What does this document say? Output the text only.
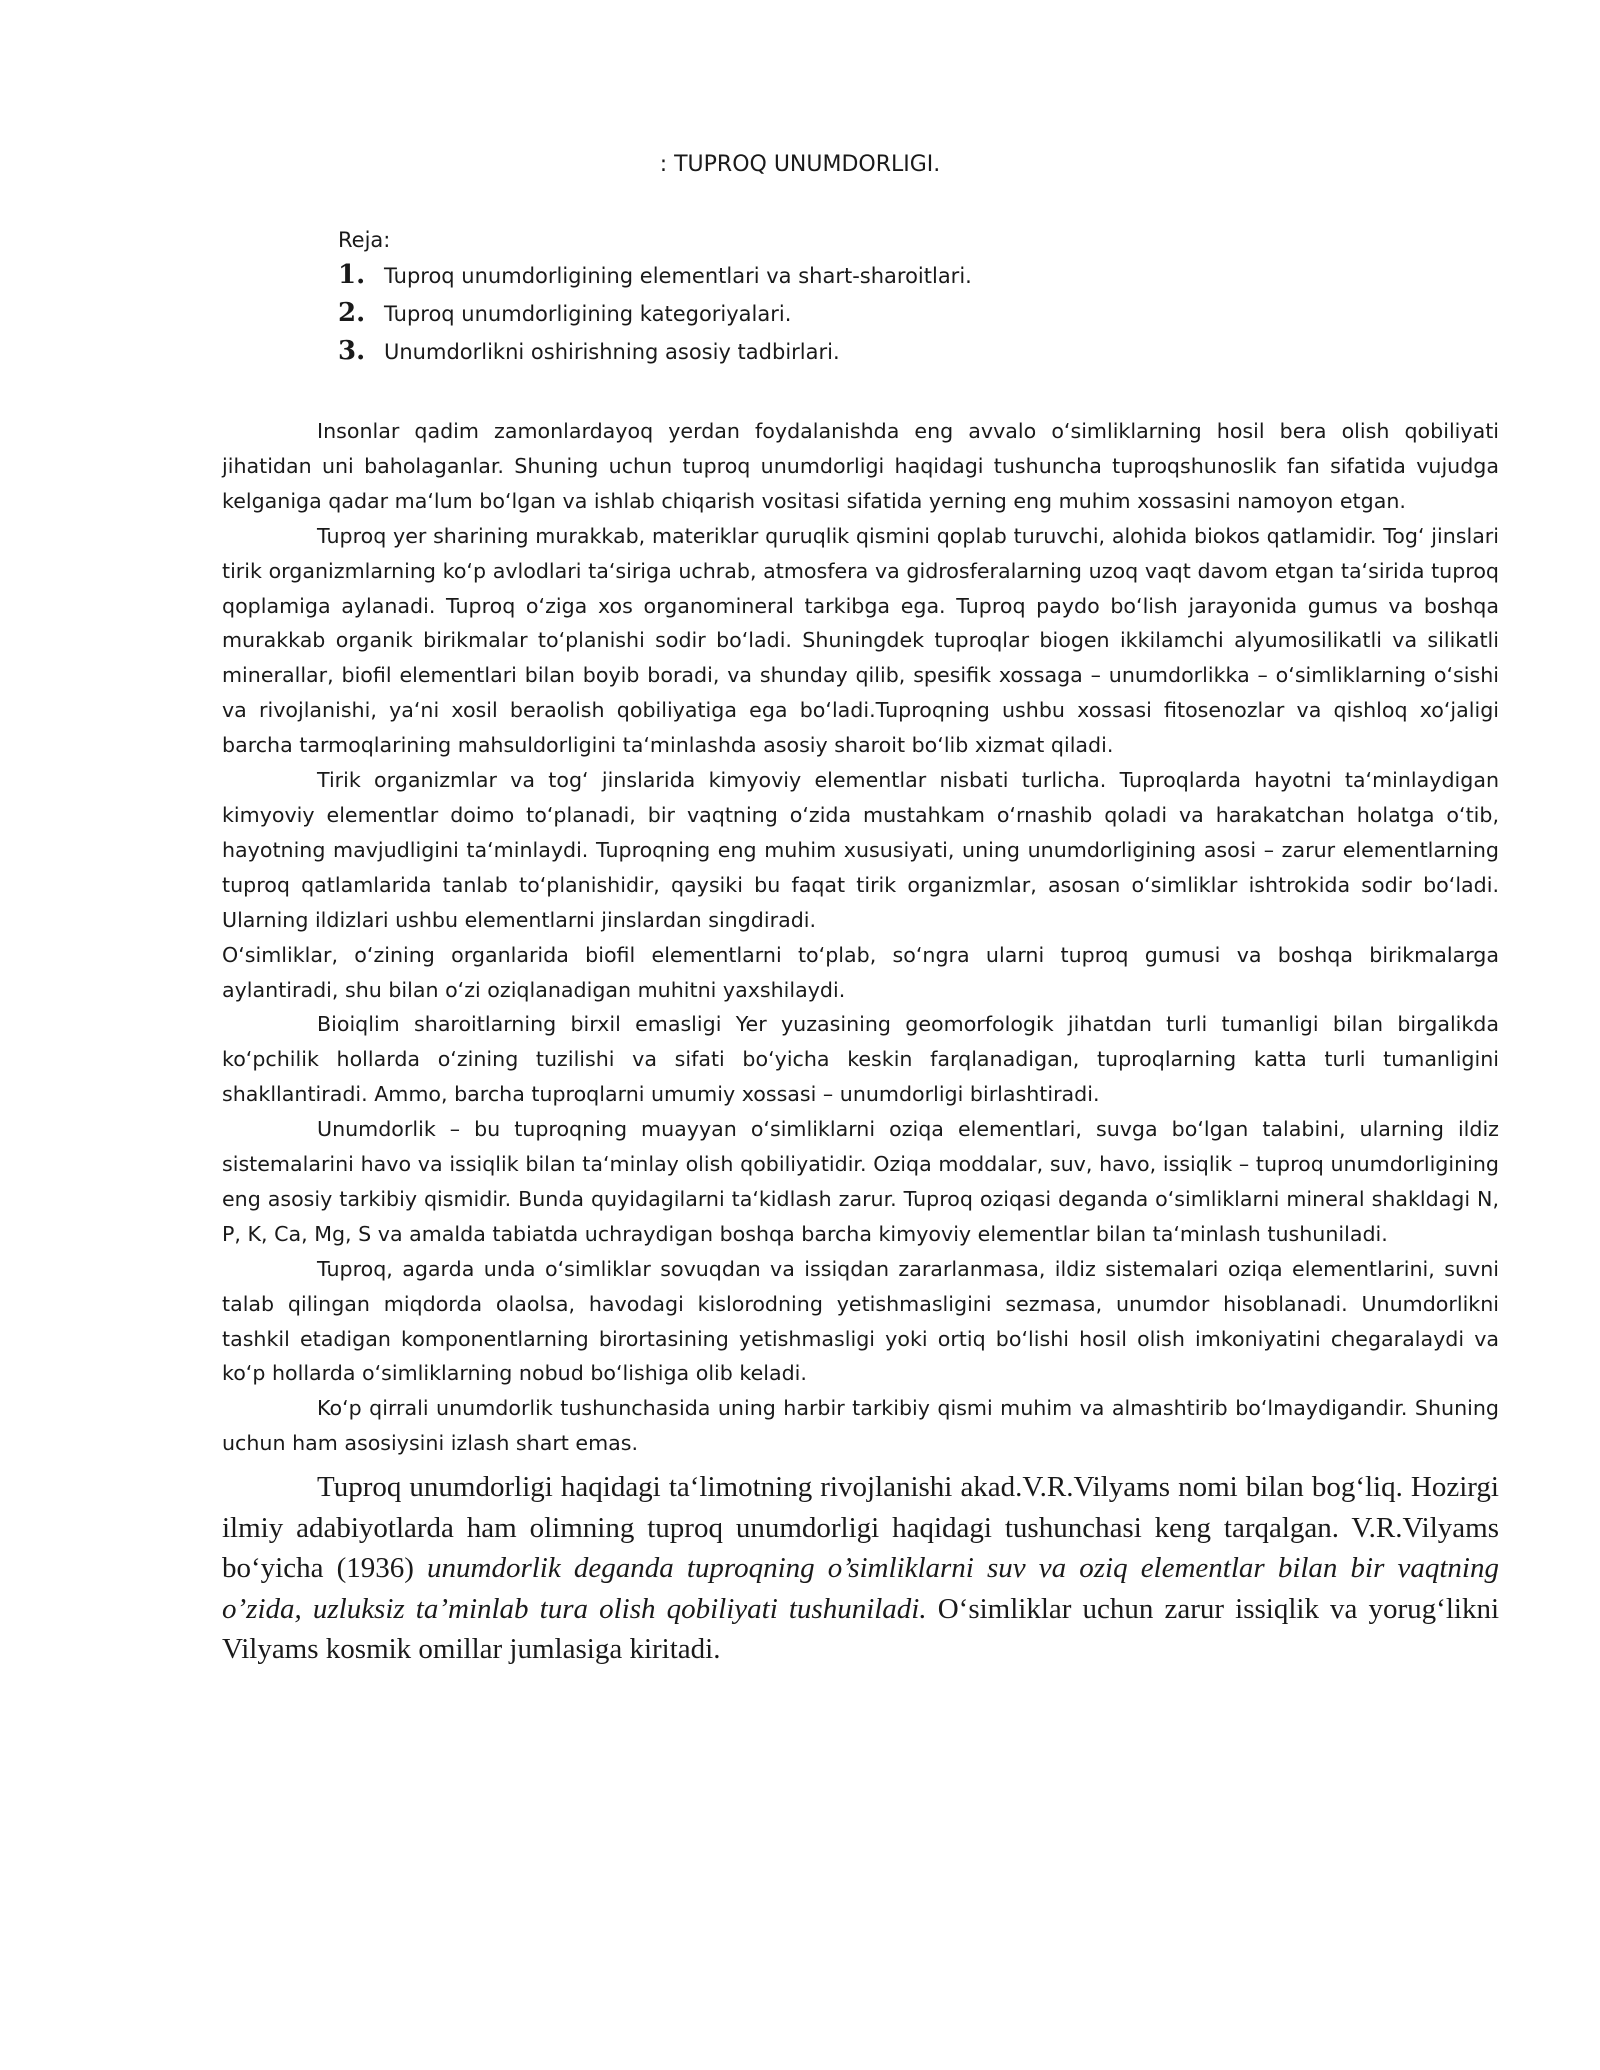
: TUPROQ UNUMDORLIGI.

Reja:

1. Tuproq unumdorligining elementlari va shart-sharoitlari.
2. Tuproq unumdorligining kategoriyalari.
3. Unumdorlikni oshirishning asosiy tadbirlari.

Insonlar qadim zamonlardayoq yerdan foydalanishda eng avvalo o‘simliklarning hosil bera olish qobiliyati jihatidan uni baholaganlar. Shuning uchun tuproq unumdorligi haqidagi tushuncha tuproqshunoslik fan sifatida vujudga kelganiga qadar ma‘lum bo‘lgan va ishlab chiqarish vositasi sifatida yerning eng muhim xossasini namoyon etgan.

Tuproq yer sharining murakkab, materiklar quruqlik qismini qoplab turuvchi, alohida biokos qatlamidir. Tog‘ jinslari tirik organizmlarning ko‘p avlodlari ta‘siriga uchrab, atmosfera va gidrosferalarning uzoq vaqt davom etgan ta‘sirida tuproq qoplamiga aylanadi. Tuproq o‘ziga xos organomineral tarkibga ega. Tuproq paydo bo‘lish jarayonida gumus va boshqa murakkab organik birikmalar to‘planishi sodir bo‘ladi. Shuningdek tuproqlar biogen ikkilamchi alyumosilikatli va silikatli minerallar, biofil elementlari bilan boyib boradi, va shunday qilib, spesifik xossaga – unumdorlikka – o‘simliklarning o‘sishi va rivojlanishi, ya‘ni xosil beraolish qobiliyatiga ega bo‘ladi.Tuproqning ushbu xossasi fitosenozlar va qishloq xo‘jaligi barcha tarmoqlarining mahsuldorligini ta‘minlashda asosiy sharoit bo‘lib xizmat qiladi.

Tirik organizmlar va tog‘ jinslarida kimyoviy elementlar nisbati turlicha. Tuproqlarda hayotni ta‘minlaydigan kimyoviy elementlar doimo to‘planadi, bir vaqtning o‘zida mustahkam o‘rnashib qoladi va harakatchan holatga o‘tib, hayotning mavjudligini ta‘minlaydi. Tuproqning eng muhim xususiyati, uning unumdorligining asosi – zarur elementlarning tuproq qatlamlarida tanlab to‘planishidir, qaysiki bu faqat tirik organizmlar, asosan o‘simliklar ishtrokida sodir bo‘ladi. Ularning ildizlari ushbu elementlarni jinslardan singdiradi.

O‘simliklar, o‘zining organlarida biofil elementlarni to‘plab, so‘ngra ularni tuproq gumusi va boshqa birikmalarga aylantiradi, shu bilan o‘zi oziqlanadigan muhitni yaxshilaydi.

Bioiqlim sharoitlarning birxil emasligi Yer yuzasining geomorfologik jihatdan turli tumanligi bilan birgalikda ko‘pchilik hollarda o‘zining tuzilishi va sifati bo‘yicha keskin farqlanadigan, tuproqlarning katta turli tumanligini shakllantiradi. Ammo, barcha tuproqlarni umumiy xossasi – unumdorligi birlashtiradi.

Unumdorlik – bu tuproqning muayyan o‘simliklarni oziqa elementlari, suvga bo‘lgan talabini, ularning ildiz sistemalarini havo va issiqlik bilan ta‘minlay olish qobiliyatidir. Oziqa moddalar, suv, havo, issiqlik – tuproq unumdorligining eng asosiy tarkibiy qismidir. Bunda quyidagilarni ta‘kidlash zarur. Tuproq oziqasi deganda o‘simliklarni mineral shakldagi N, P, K, Ca, Mg, S va amalda tabiatda uchraydigan boshqa barcha kimyoviy elementlar bilan ta‘minlash tushuniladi.

Tuproq, agarda unda o‘simliklar sovuqdan va issiqdan zararlanmasa, ildiz sistemalari oziqa elementlarini, suvni talab qilingan miqdorda olaolsa, havodagi kislorodning yetishmasligini sezmasa, unumdor hisoblanadi. Unumdorlikni tashkil etadigan komponentlarning birortasining yetishmasligi yoki ortiq bo‘lishi hosil olish imkoniyatini chegaralaydi va ko‘p hollarda o‘simliklarning nobud bo‘lishiga olib keladi.

Ko‘p qirrali unumdorlik tushunchasida uning harbir tarkibiy qismi muhim va almashtirib bo‘lmaydigandir. Shuning uchun ham asosiysini izlash shart emas.

Tuproq unumdorligi haqidagi ta‘limotning rivojlanishi akad.V.R.Vilyams nomi bilan bog‘liq. Hozirgi ilmiy adabiyotlarda ham olimning tuproq unumdorligi haqidagi tushunchasi keng tarqalgan. V.R.Vilyams bo‘yicha (1936) unumdorlik deganda tuproqning o’simliklarni suv va oziq elementlar bilan bir vaqtning o’zida, uzluksiz ta’minlab tura olish qobiliyati tushuniladi. O‘simliklar uchun zarur issiqlik va yorug‘likni Vilyams kosmik omillar jumlasiga kiritadi.
